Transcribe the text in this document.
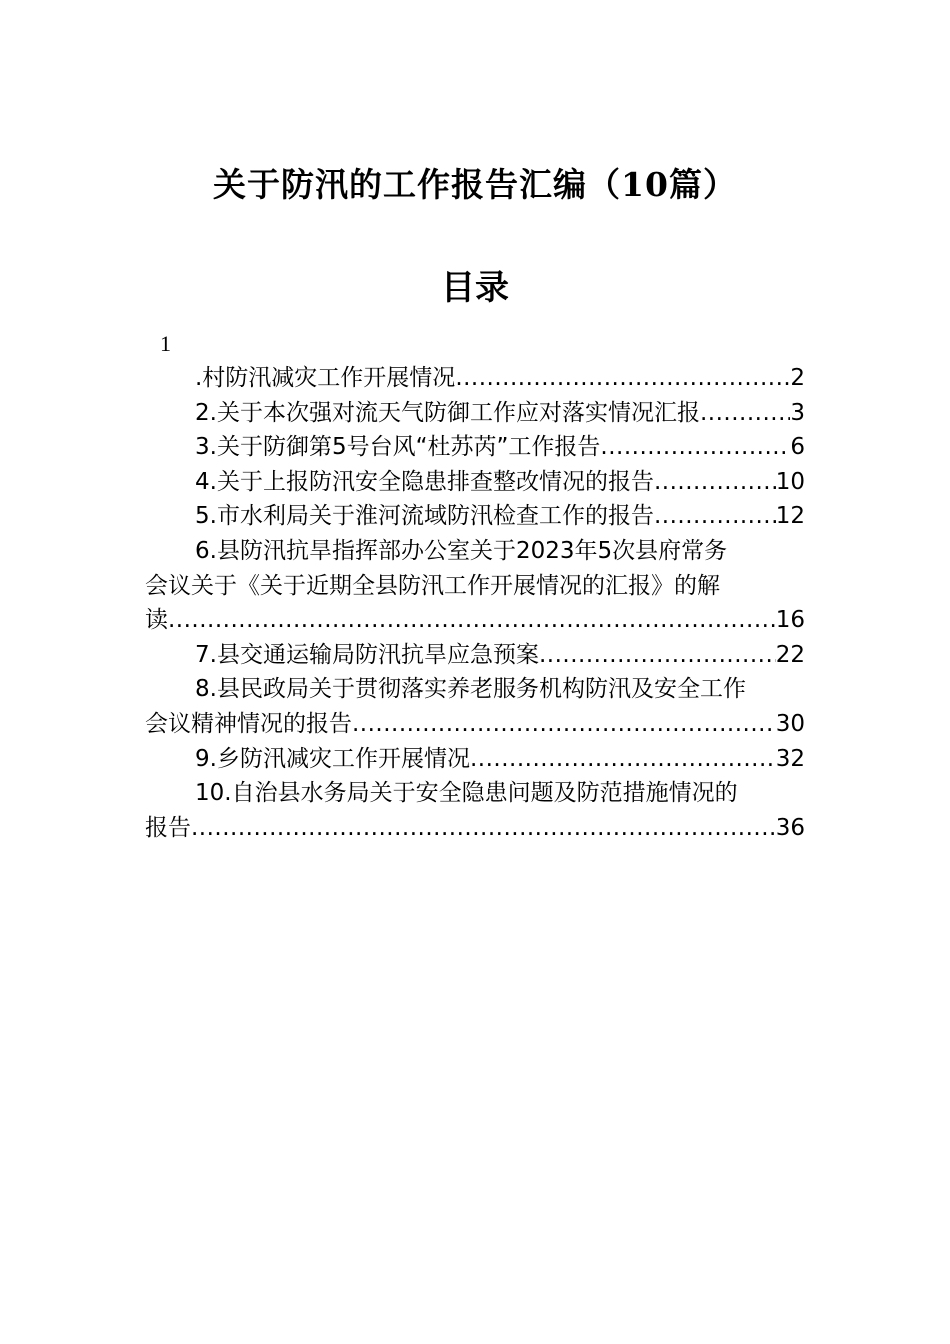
关于防汛的工作报告汇编（10篇）
目录
1
.村防汛减灾工作开展情况 .....	2
2.关于本次强对流天气防御工作应对落实情况汇报 .....	3
3.关于防御第5号台风“杜苏芮”工作报告 .....	6
4.关于上报防汛安全隐患排查整改情况的报告 .....	10
5.市水利局关于淮河流域防汛检查工作的报告 .....	12
6.县防汛抗旱指挥部办公室关于2023年5次县府常务
会议关于《关于近期全县防汛工作开展情况的汇报》的解
读 .....	16
7.县交通运输局防汛抗旱应急预案 .....	22
8.县民政局关于贯彻落实养老服务机构防汛及安全工作
会议精神情况的报告 .....	30
9.乡防汛减灾工作开展情况 .....	32
10.自治县水务局关于安全隐患问题及防范措施情况的
报告 .....	36
